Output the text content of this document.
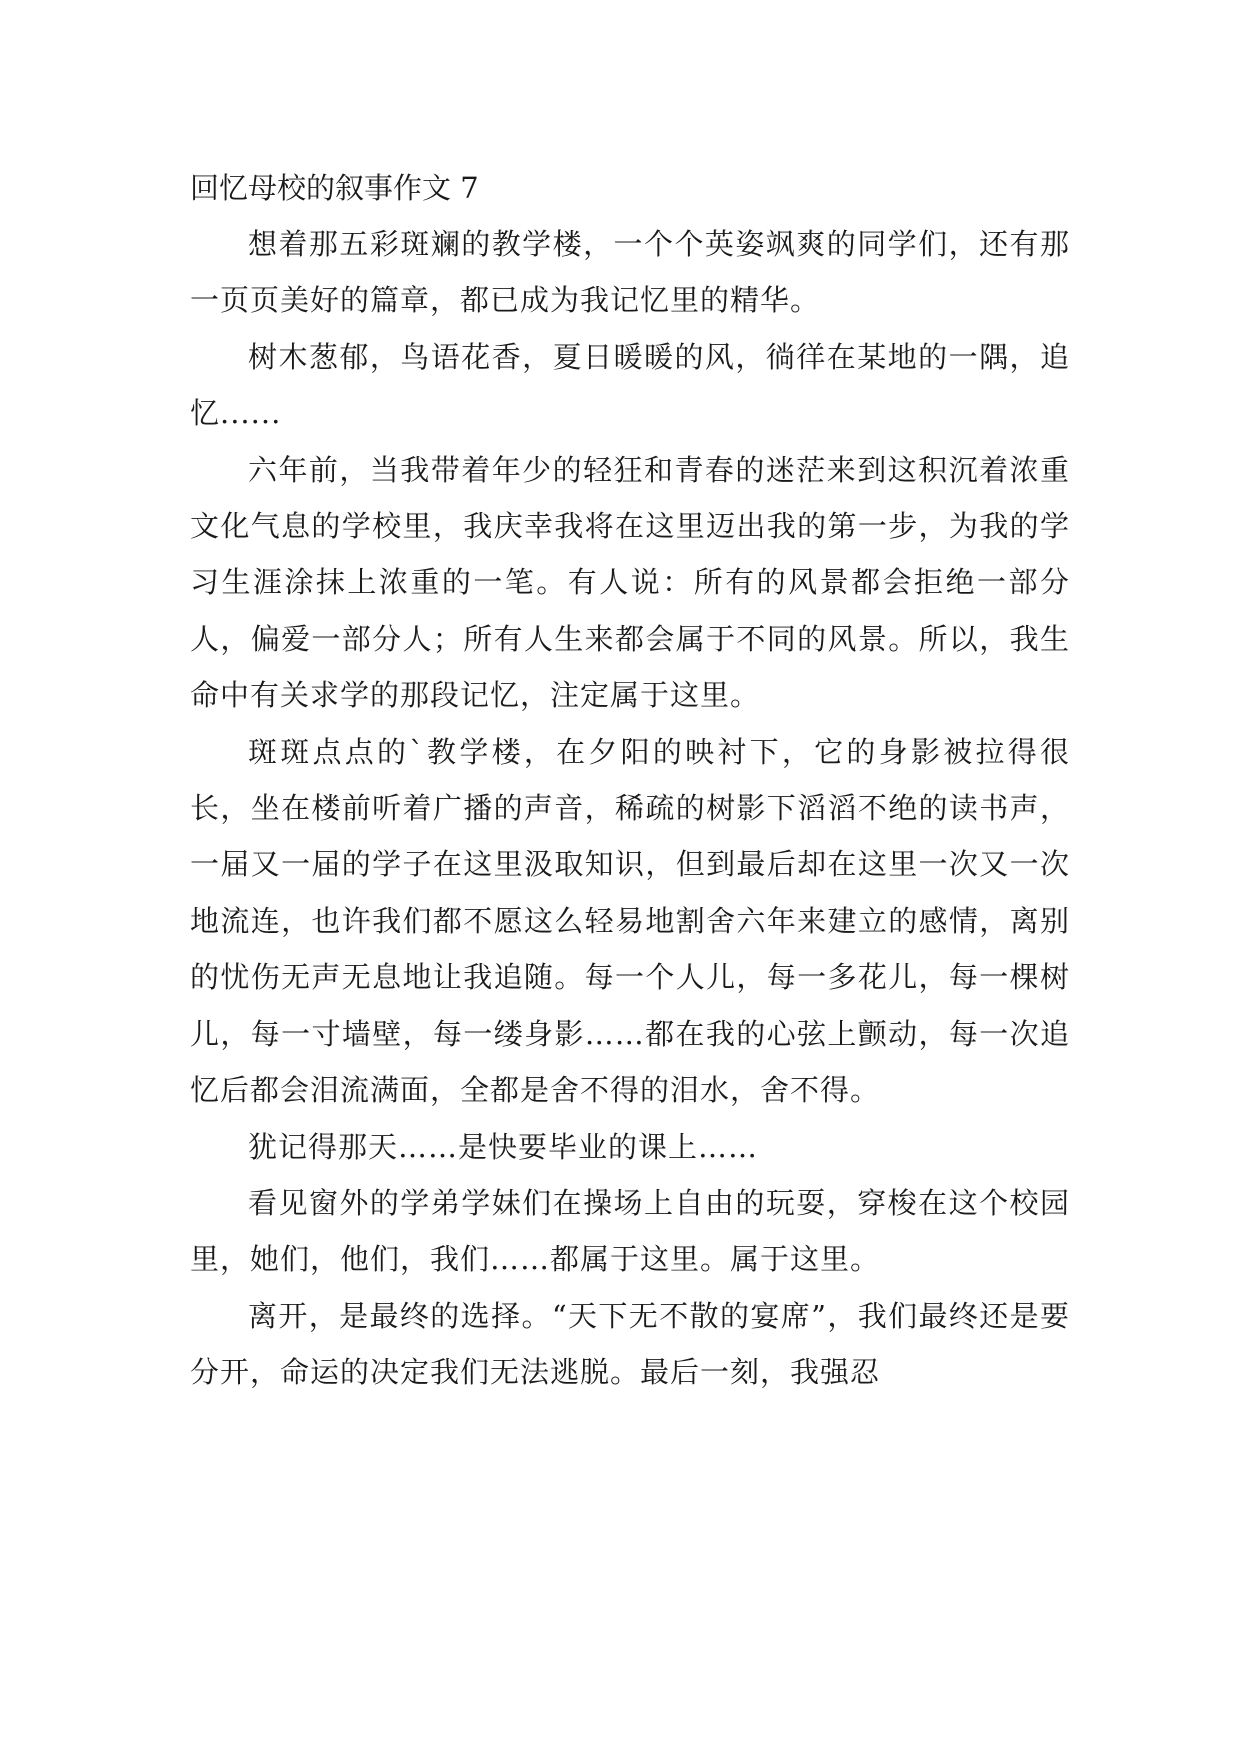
回忆母校的叙事作文 7

想着那五彩斑斓的教学楼，一个个英姿飒爽的同学们，还有那一页页美好的篇章，都已成为我记忆里的精华。

树木葱郁，鸟语花香，夏日暖暖的风，徜徉在某地的一隅，追忆......

六年前，当我带着年少的轻狂和青春的迷茫来到这积沉着浓重文化气息的学校里，我庆幸我将在这里迈出我的第一步，为我的学习生涯涂抹上浓重的一笔。有人说：所有的风景都会拒绝一部分人，偏爱一部分人；所有人生来都会属于不同的风景。所以，我生命中有关求学的那段记忆，注定属于这里。

斑斑点点的`教学楼，在夕阳的映衬下，它的身影被拉得很长，坐在楼前听着广播的声音，稀疏的树影下滔滔不绝的读书声，一届又一届的学子在这里汲取知识，但到最后却在这里一次又一次地流连，也许我们都不愿这么轻易地割舍六年来建立的感情，离别的忧伤无声无息地让我追随。每一个人儿，每一多花儿，每一棵树儿，每一寸墙壁，每一缕身影……都在我的心弦上颤动，每一次追忆后都会泪流满面，全都是舍不得的泪水，舍不得。

犹记得那天……是快要毕业的课上……

看见窗外的学弟学妹们在操场上自由的玩耍，穿梭在这个校园里，她们，他们，我们……都属于这里。属于这里。

离开，是最终的选择。“天下无不散的宴席”，我们最终还是要分开，命运的决定我们无法逃脱。最后一刻，我强忍
